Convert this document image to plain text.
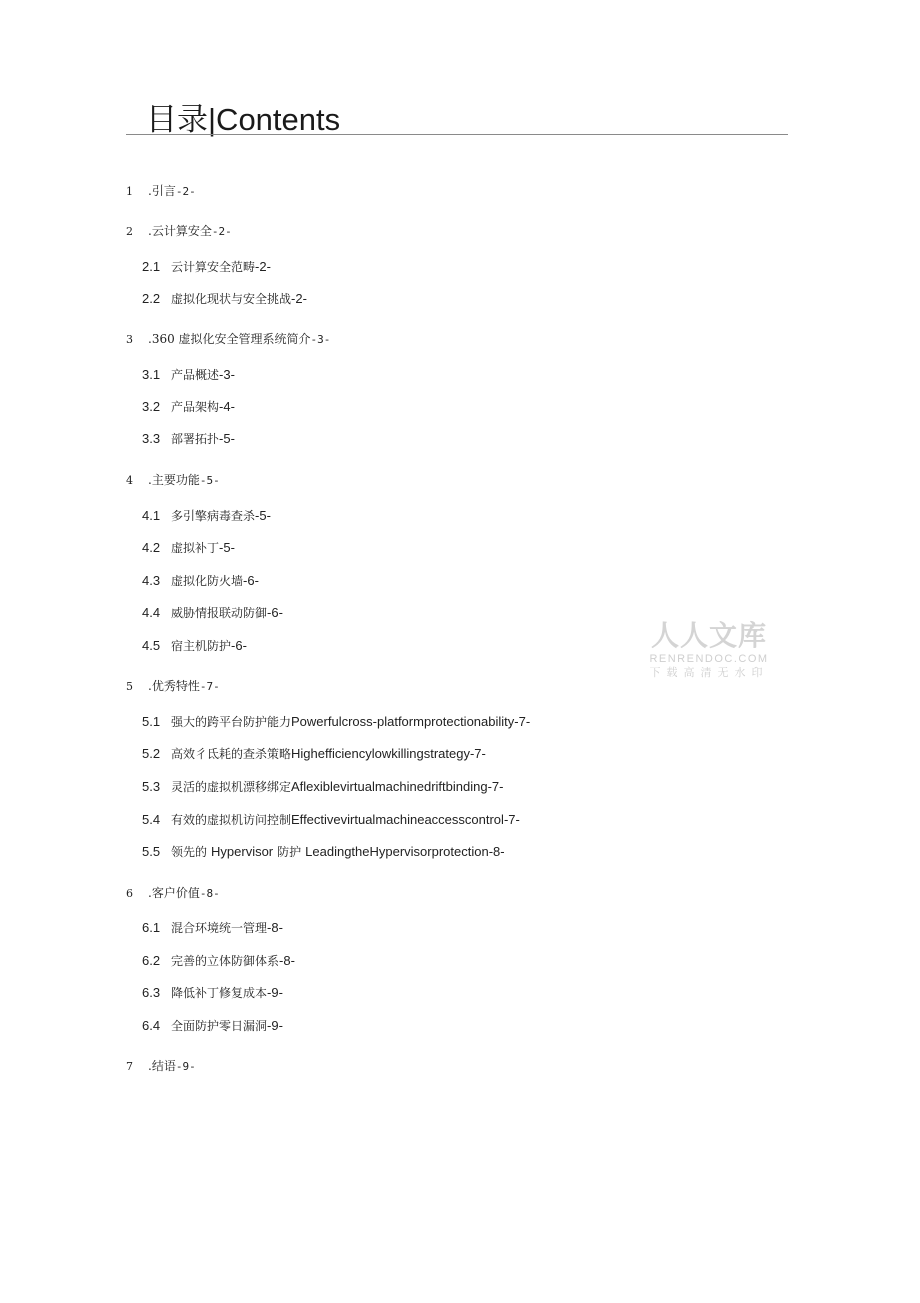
目录|Contents
1 .引言-2-
2 .云计算安全-2-
2.1 云计算安全范畴-2-
2.2 虚拟化现状与安全挑战-2-
3 .360 虚拟化安全管理系统简介-3-
3.1 产品概述-3-
3.2 产品架构-4-
3.3 部署拓扑-5-
4 .主要功能-5-
4.1 多引擎病毒查杀-5-
4.2 虚拟补丁-5-
4.3 虚拟化防火墙-6-
4.4 威胁情报联动防御-6-
4.5 宿主机防护-6-
5 .优秀特性-7-
5.1 强大的跨平台防护能力Powerfulcross-platformprotectionability-7-
5.2 高效彳氐耗的查杀策略Highefficiencylowkillingstrategy-7-
5.3 灵活的虚拟机漂移绑定Aflexiblevirtualmachinedriftbinding-7-
5.4 有效的虚拟机访问控制Effectivevirtualmachineaccesscontrol-7-
5.5 领先的 Hypervisor 防护 LeadingtheHypervisorprotection-8-
6 .客户价值-8-
6.1 混合环境统一管理-8-
6.2 完善的立体防御体系-8-
6.3 降低补丁修复成本-9-
6.4 全面防护零日漏洞-9-
7 .结语-9-
人人文库
RENRENDOC.COM
下载高清无水印
